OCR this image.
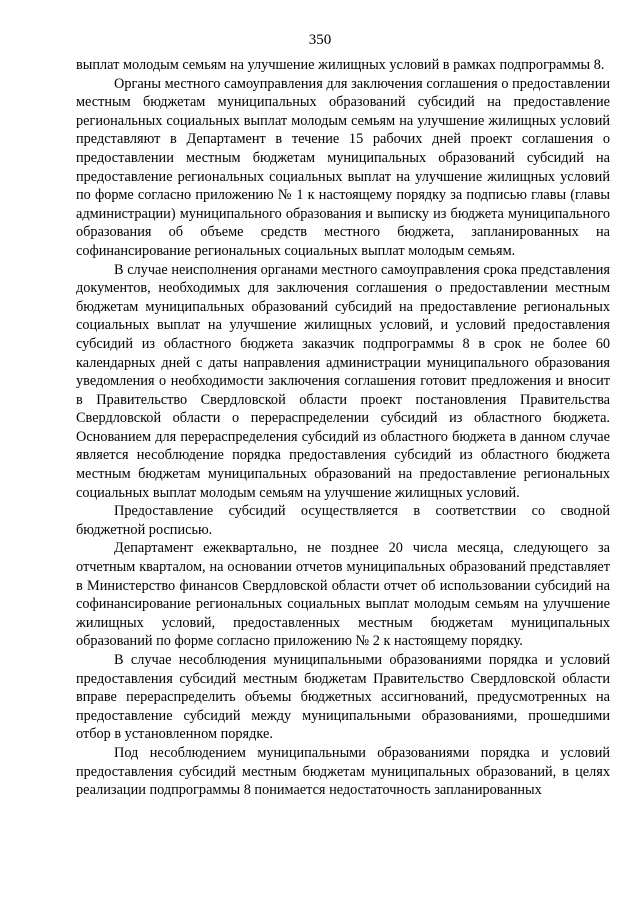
350

выплат молодым семьям на улучшение жилищных условий в рамках подпрограммы 8.

Органы местного самоуправления для заключения соглашения о предоставлении местным бюджетам муниципальных образований субсидий на предоставление региональных социальных выплат молодым семьям на улучшение жилищных условий представляют в Департамент в течение 15 рабочих дней проект соглашения о предоставлении местным бюджетам муниципальных образований субсидий на предоставление региональных социальных выплат на улучшение жилищных условий по форме согласно приложению № 1 к настоящему порядку за подписью главы (главы администрации) муниципального образования и выписку из бюджета муниципального образования об объеме средств местного бюджета, запланированных на софинансирование региональных социальных выплат молодым семьям.

В случае неисполнения органами местного самоуправления срока представления документов, необходимых для заключения соглашения о предоставлении местным бюджетам муниципальных образований субсидий на предоставление региональных социальных выплат на улучшение жилищных условий, и условий предоставления субсидий из областного бюджета заказчик подпрограммы 8 в срок не более 60 календарных дней с даты направления администрации муниципального образования уведомления о необходимости заключения соглашения готовит предложения и вносит в Правительство Свердловской области проект постановления Правительства Свердловской области о перераспределении субсидий из областного бюджета. Основанием для перераспределения субсидий из областного бюджета в данном случае является несоблюдение порядка предоставления субсидий из областного бюджета местным бюджетам муниципальных образований на предоставление региональных социальных выплат молодым семьям на улучшение жилищных условий.

Предоставление субсидий осуществляется в соответствии со сводной бюджетной росписью.

Департамент ежеквартально, не позднее 20 числа месяца, следующего за отчетным кварталом, на основании отчетов муниципальных образований представляет в Министерство финансов Свердловской области отчет об использовании субсидий на софинансирование региональных социальных выплат молодым семьям на улучшение жилищных условий, предоставленных местным бюджетам муниципальных образований по форме согласно приложению № 2 к настоящему порядку.

В случае несоблюдения муниципальными образованиями порядка и условий предоставления субсидий местным бюджетам Правительство Свердловской области вправе перераспределить объемы бюджетных ассигнований, предусмотренных на предоставление субсидий между муниципальными образованиями, прошедшими отбор в установленном порядке.

Под несоблюдением муниципальными образованиями порядка и условий предоставления субсидий местным бюджетам муниципальных образований, в целях реализации подпрограммы 8 понимается недостаточность запланированных
